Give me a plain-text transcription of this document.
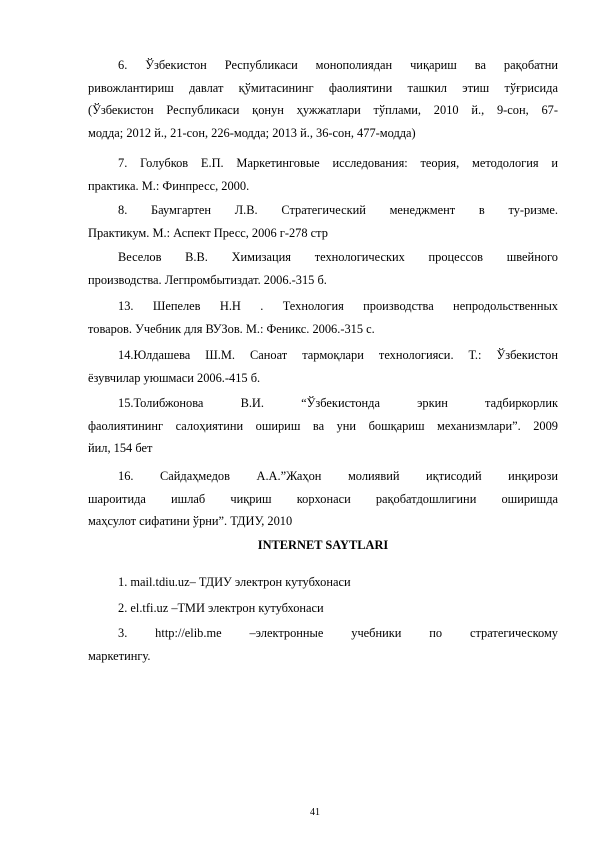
6. Ўзбекистон Республикаси монополиядан чиқариш ва рақобатни
ривожлантириш давлат қўмитасининг фаолиятини ташкил этиш тўғрисида
(Ўзбекистон Республикаси қонун ҳужжатлари тўплами, 2010 й., 9-сон, 67-
модда; 2012 й., 21-сон, 226-модда; 2013 й., 36-сон, 477-модда)

7. Голубков Е.П. Маркетинговые исследования: теория, методология и
практика. М.: Финпресс, 2000.

8. Баумгартен Л.В. Стратегический менеджмент в ту-ризме.
Практикум. М.: Аспект Пресс, 2006 г-278 стр

Веселов В.В. Химизация технологических процессов швейного
производства. Легпромбытиздат. 2006.-315 б.

13. Шепелев Н.Н . Технология производства непродольственных
товаров. Учебник для ВУЗов. М.: Феникс. 2006.-315 с.

14.Юлдашева Ш.М. Саноат тармоқлари технологияси. Т.: Ўзбекистон
ёзувчилар уюшмаси 2006.-415 б.

15.Толибжонова В.И. “Ўзбекистонда эркин тадбиркорлик
фаолиятининг салоҳиятини ошириш ва уни бошқариш механизмлари”. 2009
йил, 154 бет

16. Сайдаҳмедов А.А.”Жаҳон молиявий иқтисодий инқирози
шароитида ишлаб чиқриш корхонаси рақобатдошлигини оширишда
маҳсулот сифатини ўрни”. ТДИУ, 2010

INTERNET SAYTLARI

1. mail.tdiu.uz– ТДИУ электрон кутубхонаси

2. el.tfi.uz –ТМИ электрон кутубхонаси

3. http://elib.me –электронные учебники по стратегическому
маркетингу.

41
